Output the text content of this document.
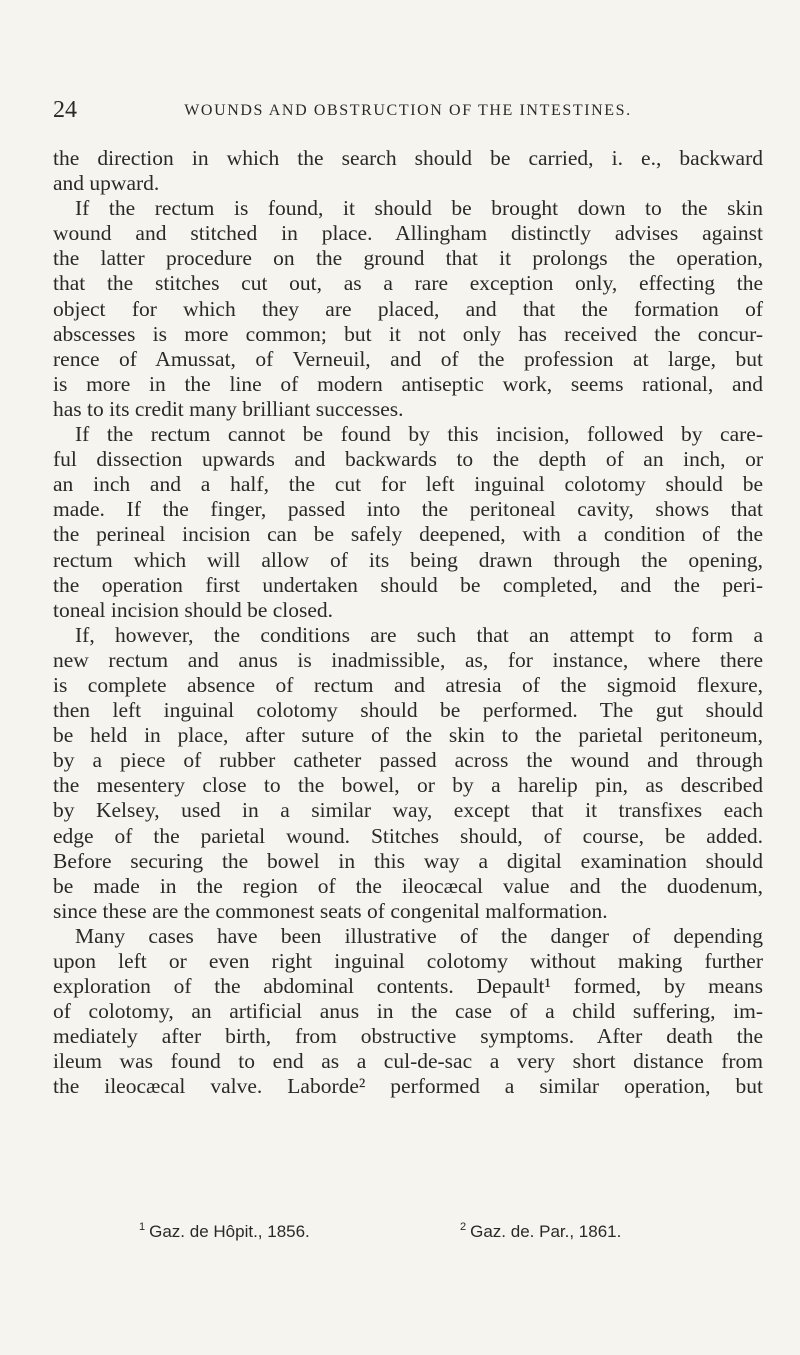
24	WOUNDS AND OBSTRUCTION OF THE INTESTINES.
the direction in which the search should be carried, i. e., backward
and upward.
If the rectum is found, it should be brought down to the skin
wound and stitched in place. Allingham distinctly advises against
the latter procedure on the ground that it prolongs the operation,
that the stitches cut out, as a rare exception only, effecting the
object for which they are placed, and that the formation of
abscesses is more common; but it not only has received the concur-
rence of Amussat, of Verneuil, and of the profession at large, but
is more in the line of modern antiseptic work, seems rational, and
has to its credit many brilliant successes.
If the rectum cannot be found by this incision, followed by care-
ful dissection upwards and backwards to the depth of an inch, or
an inch and a half, the cut for left inguinal colotomy should be
made. If the finger, passed into the peritoneal cavity, shows that
the perineal incision can be safely deepened, with a condition of the
rectum which will allow of its being drawn through the opening,
the operation first undertaken should be completed, and the peri-
toneal incision should be closed.
If, however, the conditions are such that an attempt to form a
new rectum and anus is inadmissible, as, for instance, where there
is complete absence of rectum and atresia of the sigmoid flexure,
then left inguinal colotomy should be performed. The gut should
be held in place, after suture of the skin to the parietal peritoneum,
by a piece of rubber catheter passed across the wound and through
the mesentery close to the bowel, or by a harelip pin, as described
by Kelsey, used in a similar way, except that it transfixes each
edge of the parietal wound. Stitches should, of course, be added.
Before securing the bowel in this way a digital examination should
be made in the region of the ileocæcal value and the duodenum,
since these are the commonest seats of congenital malformation.
Many cases have been illustrative of the danger of depending
upon left or even right inguinal colotomy without making further
exploration of the abdominal contents. Depault¹ formed, by means
of colotomy, an artificial anus in the case of a child suffering, im-
mediately after birth, from obstructive symptoms. After death the
ileum was found to end as a cul-de-sac a very short distance from
the ileocæcal valve. Laborde² performed a similar operation, but
$^1$ Gaz. de Hôpit., 1856.	$^2$ Gaz. de. Par., 1861.
